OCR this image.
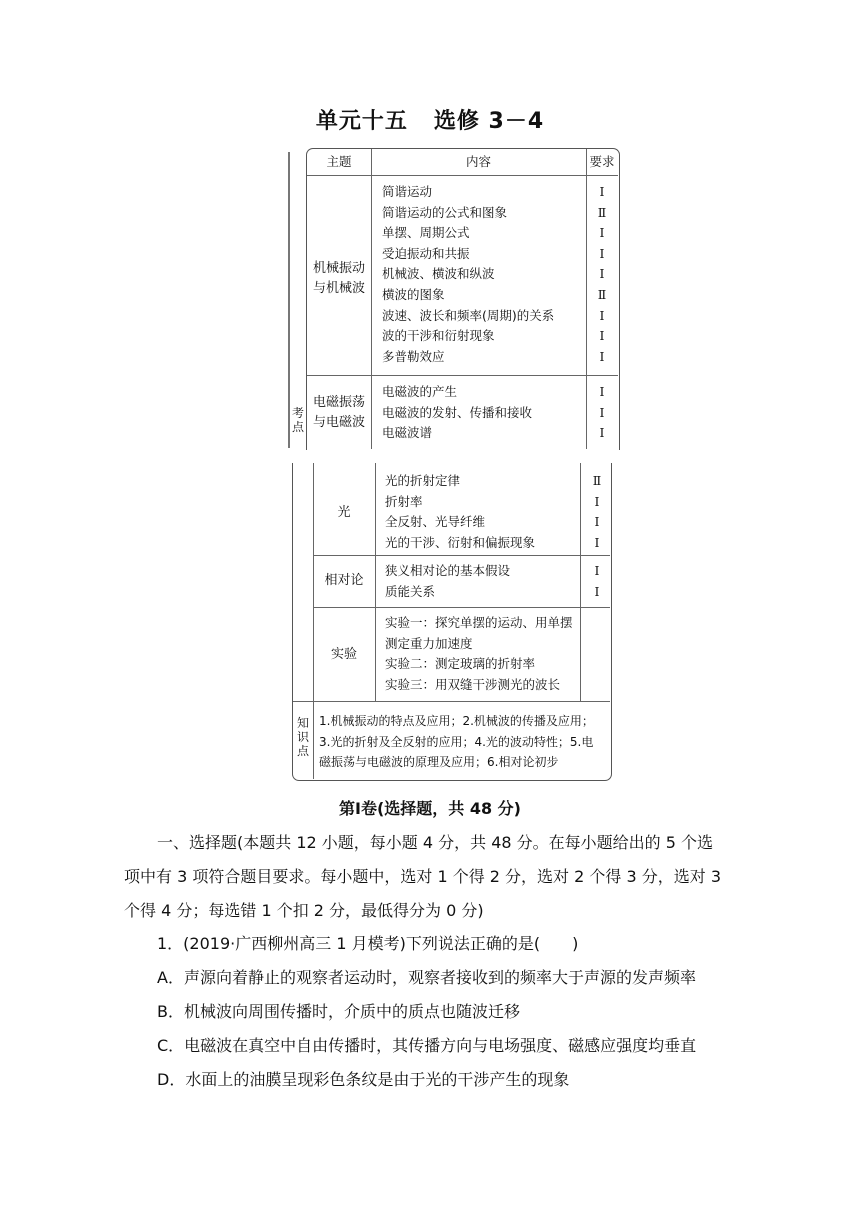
单元十五 选修 3－4
考点
主题	内容	要求
机械振动
与机械波
简谐运动
简谐运动的公式和图象
单摆、周期公式
受迫振动和共振
机械波、横波和纵波
横波的图象
波速、波长和频率(周期)的关系
波的干涉和衍射现象
多普勒效应
Ⅰ
Ⅱ
Ⅰ
Ⅰ
Ⅰ
Ⅱ
Ⅰ
Ⅰ
Ⅰ
电磁振荡
与电磁波
电磁波的产生
电磁波的发射、传播和接收
电磁波谱
Ⅰ
Ⅰ
Ⅰ
光
光的折射定律
折射率
全反射、光导纤维
光的干涉、衍射和偏振现象
Ⅱ
Ⅰ
Ⅰ
Ⅰ
相对论
狭义相对论的基本假设
质能关系
Ⅰ
Ⅰ
实验
实验一：探究单摆的运动、用单摆
测定重力加速度
实验二：测定玻璃的折射率
实验三：用双缝干涉测光的波长
知识点
1.机械振动的特点及应用；2.机械波的传播及应用；
3.光的折射及全反射的应用；4.光的波动特性；5.电
磁振荡与电磁波的原理及应用；6.相对论初步
第Ⅰ卷(选择题，共 48 分)
一、选择题(本题共 12 小题，每小题 4 分，共 48 分。在每小题给出的 5 个选
项中有 3 项符合题目要求。每小题中，选对 1 个得 2 分，选对 2 个得 3 分，选对 3
个得 4 分；每选错 1 个扣 2 分，最低得分为 0 分)
1．(2019·广西柳州高三 1 月模考)下列说法正确的是(　　)
A．声源向着静止的观察者运动时，观察者接收到的频率大于声源的发声频率
B．机械波向周围传播时，介质中的质点也随波迁移
C．电磁波在真空中自由传播时，其传播方向与电场强度、磁感应强度均垂直
D．水面上的油膜呈现彩色条纹是由于光的干涉产生的现象
